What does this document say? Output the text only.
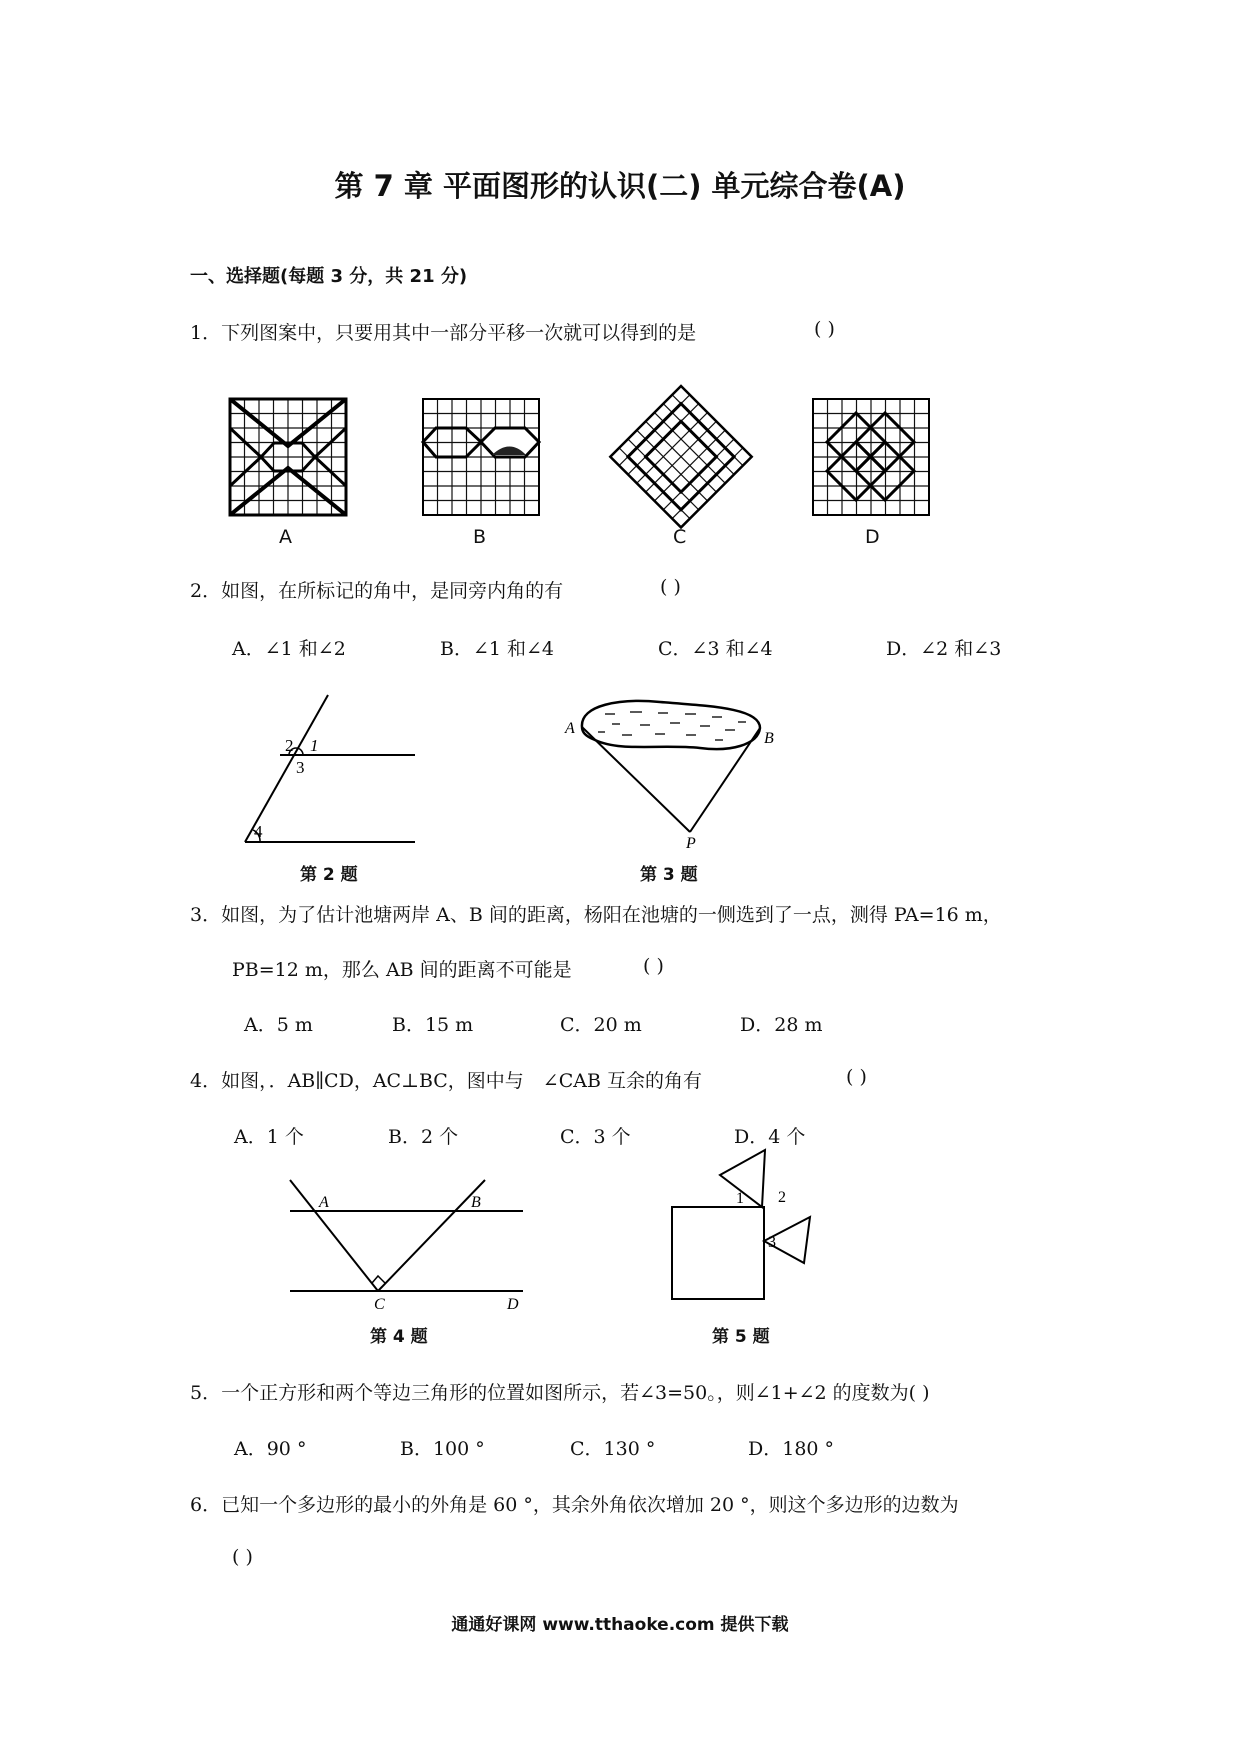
第 7 章 平面图形的认识(二) 单元综合卷(A)
一、选择题(每题 3 分，共 21 分)
1．下列图案中，只要用其中一部分平移一次就可以得到的是	( )
A	B	C	D
2．如图，在所标记的角中，是同旁内角的有	( )
A．∠1 和∠2	B．∠1 和∠4	C．∠3 和∠4	D．∠2 和∠3
2 1
3
4
第 2 题
A
B
P
第 3 题
3．如图，为了估计池塘两岸 A、B 间的距离，杨阳在池塘的一侧选到了一点，测得 PA=16 m，
PB=12 m，那么 AB 间的距离不可能是	( )
A．5 m	B．15 m	C．20 m	D．28 m
4．如图，．AB∥CD，AC⊥BC，图中与　∠CAB 互余的角有	( )
A．1 个	B．2 个	C．3 个	D．4 个
A	B
C	D
第 4 题
1 2
3
第 5 题
5．一个正方形和两个等边三角形的位置如图所示，若∠3=50。，则∠1+∠2 的度数为( )
A．90 °	B．100 °	C．130 °	D．180 °
6．已知一个多边形的最小的外角是 60 °，其余外角依次增加 20 °，则这个多边形的边数为
( )
通通好课网 www.tthaoke.com 提供下载
